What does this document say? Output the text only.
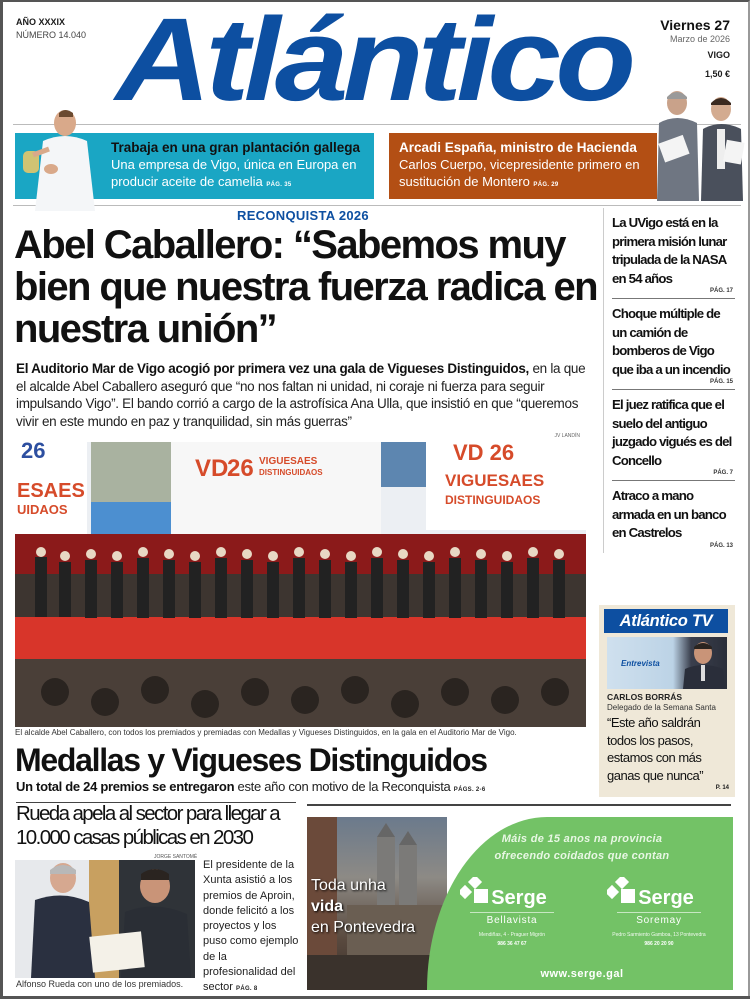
AÑO XXXIX
NÚMERO 14.040 Atlántico	Viernes 27
Marzo de 2026
VIGO
1,50 €
Trabaja en una gran plantación gallega
Una empresa de Vigo, única en Europa en producir aceite de camelia PÁG. 35
Arcadi España, ministro de Hacienda
Carlos Cuerpo, vicepresidente primero en sustitución de Montero PÁG. 29
RECONQUISTA 2026
Abel Caballero: “Sabemos muy bien que nuestra fuerza radica en nuestra unión”

El Auditorio Mar de Vigo acogió por primera vez una gala de Vigueses Distinguidos, en la que el alcalde Abel Caballero aseguró que “no nos faltan ni unidad, ni coraje ni fuerza para seguir impulsando Vigo”. El bando corrió a cargo de la astrofísica Ana Ulla, que insistió en que “queremos vivir en este mundo en paz y tranquilidad, sin más guerras”

JV LANDÍN
ESAES
UIDAOS
26
VD
26 VIGUESAES
DISTINGUIDAOS
VD 26
VIGUESAES
DISTINGUIDAOS
El alcalde Abel Caballero, con todos los premiados y premiadas con Medallas y Vigueses Distinguidos, en la gala en el Auditorio Mar de Vigo.
Medallas y Vigueses Distinguidos
Un total de 24 premios se entregaron este año con motivo de la Reconquista PÁGS. 2-6
Rueda apela al sector para llegar a 10.000 casas públicas en 2030
JORGE SANTOMÉ
Alfonso Rueda con uno de los premiados.

El presidente de la Xunta asistió a los premios de Aproin, donde felicitó a los proyectos y los puso como ejemplo de la profesionalidad del sector PÁG. 8

Toda unha
vida
en Pontevedra
Máis de 15 anos na provincia
ofrecendo coidados que contan
Serge
Bellavista
Mendiñas, 4 - Praguer Migrón
986 36 47 67
Serge
Soremay
Pedro Sarmiento Gamboa, 13 Pontevedra
986 20 20 90
www.serge.gal
La UVigo está en la primera misión lunar tripulada de la NASA en 54 años
PÁG. 17
Choque múltiple de un camión de bomberos de Vigo que iba a un incendio
PÁG. 15
El juez ratifica que el suelo del antiguo juzgado vigués es del Concello
PÁG. 7
Atraco a mano armada en un banco en Castrelos
PÁG. 13
Atlántico TV
Entrevista
CARLOS BORRÁS
Delegado de la Semana Santa
“Este año saldrán todos los pasos, estamos con más ganas que nunca”
P. 14
